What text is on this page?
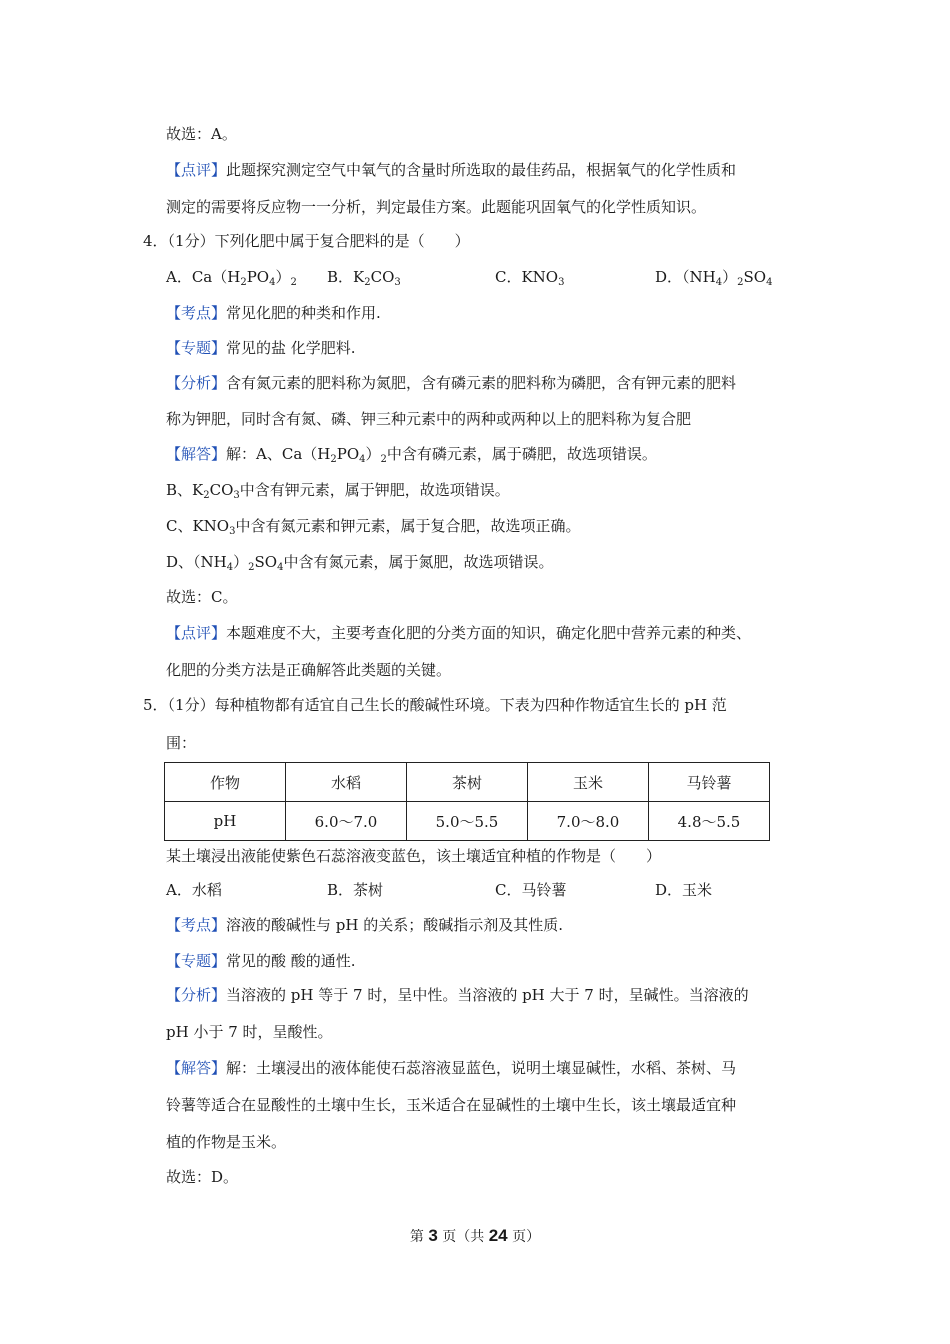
故选：A。
【点评】此题探究测定空气中氧气的含量时所选取的最佳药品，根据氧气的化学性质和
测定的需要将反应物一一分析，判定最佳方案。此题能巩固氧气的化学性质知识。
4．（1分）下列化肥中属于复合肥料的是（　　）
A．$Ca(H_2PO_4)_2$ B．$K_2CO_3$	C．$KNO_3$	D．$(NH_4)_2SO_4$
【考点】常见化肥的种类和作用.
【专题】常见的盐 化学肥料.
【分析】含有氮元素的肥料称为氮肥，含有磷元素的肥料称为磷肥，含有钾元素的肥料
称为钾肥，同时含有氮、磷、钾三种元素中的两种或两种以上的肥料称为复合肥
【解答】解：A、$Ca(H_2PO_4)_2$中含有磷元素，属于磷肥，故选项错误。
B、$K_2CO_3$中含有钾元素，属于钾肥，故选项错误。
C、$KNO_3$中含有氮元素和钾元素，属于复合肥，故选项正确。
D、$(NH_4)_2SO_4$中含有氮元素，属于氮肥，故选项错误。
故选：C。
【点评】本题难度不大，主要考查化肥的分类方面的知识，确定化肥中营养元素的种类、
化肥的分类方法是正确解答此类题的关键。
5．（1分）每种植物都有适宜自己生长的酸碱性环境。下表为四种作物适宜生长的 pH 范
围：
作物	水稻	茶树	玉米	马铃薯
pH	6.0～7.0	5.0～5.5	7.0～8.0	4.8～5.5
某土壤浸出液能使紫色石蕊溶液变蓝色，该土壤适宜种植的作物是（　　）
A．水稻	B．茶树	C．马铃薯	D．玉米
【考点】溶液的酸碱性与 pH 的关系；酸碱指示剂及其性质.
【专题】常见的酸 酸的通性.
【分析】当溶液的 pH 等于 7 时，呈中性。当溶液的 pH 大于 7 时，呈碱性。当溶液的
pH 小于 7 时，呈酸性。
【解答】解：土壤浸出的液体能使石蕊溶液显蓝色，说明土壤显碱性，水稻、茶树、马
铃薯等适合在显酸性的土壤中生长，玉米适合在显碱性的土壤中生长，该土壤最适宜种
植的作物是玉米。
故选：D。
第 3 页（共 24 页）
